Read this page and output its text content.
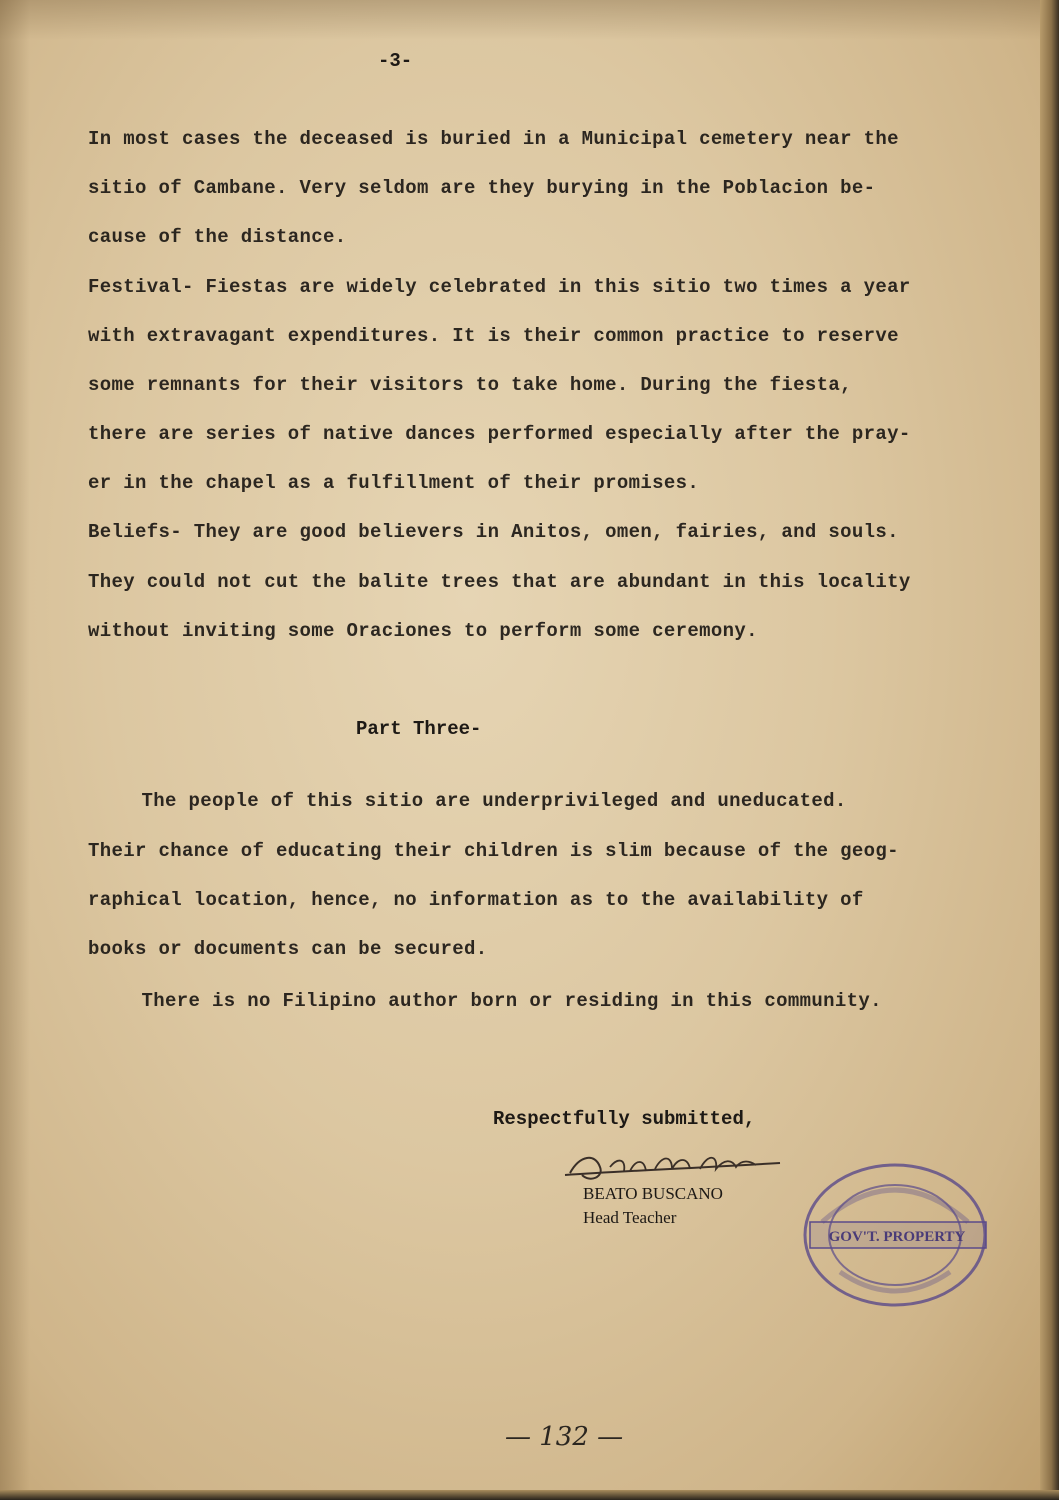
-3-
In most cases the deceased is buried in a Municipal cemetery near the
sitio of Cambane. Very seldom are they burying in the Poblacion be-
cause of the distance.
Festival- Fiestas are widely celebrated in this sitio two times a year
with extravagant expenditures. It is their common practice to reserve
some remnants for their visitors to take home. During the fiesta,
there are series of native dances performed especially after the pray-
er in the chapel as a fulfillment of their promises.
Beliefs- They are good believers in Anitos, omen, fairies, and souls.
They could not cut the balite trees that are abundant in this locality
without inviting some Oraciones to perform some ceremony.
Part Three-
The people of this sitio are underprivileged and uneducated.
Their chance of educating their children is slim because of the geog-
raphical location, hence, no information as to the availability of
books or documents can be secured.
There is no Filipino author born or residing in this community.
Respectfully submitted,
BEATO BUSCANO
Head Teacher
GOV'T. PROPERTY
— 132 —
